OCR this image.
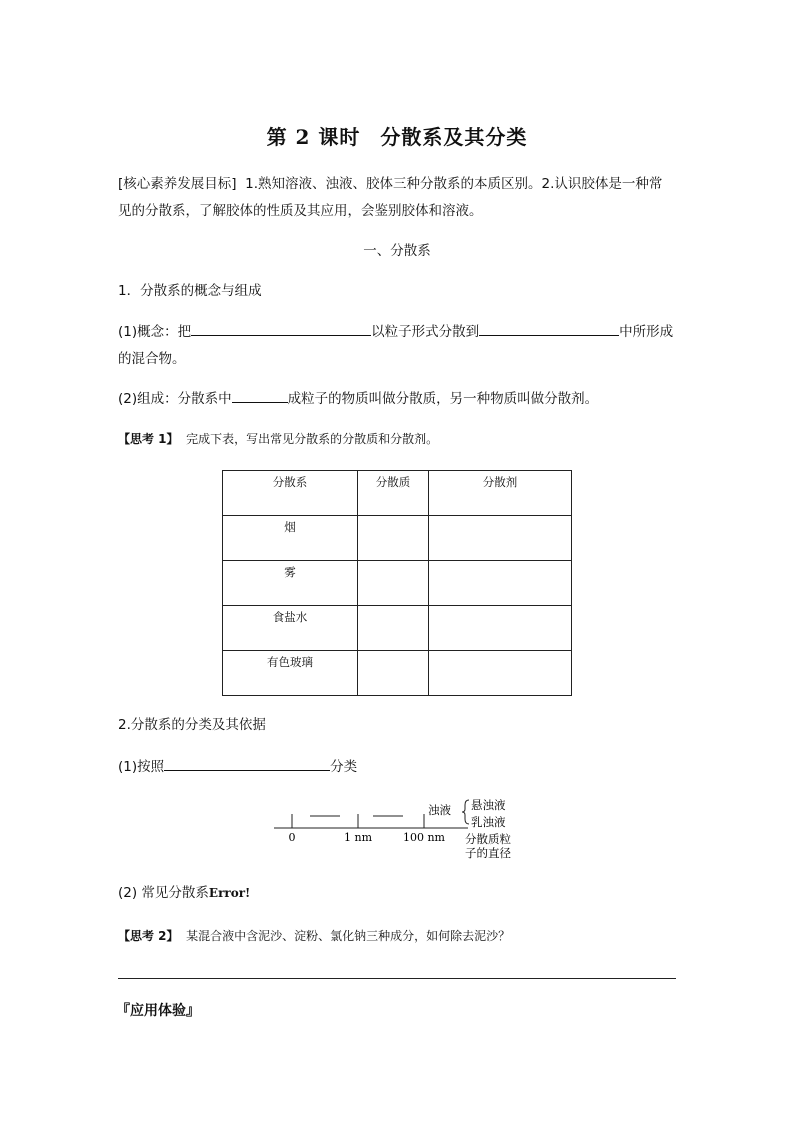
第 2 课时 分散系及其分类
[核心素养发展目标] 1.熟知溶液、浊液、胶体三种分散系的本质区别。2.认识胶体是一种常
见的分散系，了解胶体的性质及其应用，会鉴别胶体和溶液。
一、分散系
1．分散系的概念与组成
(1)概念：把	以粒子形式分散到	中所形成
的混合物。
(2)组成：分散系中	成粒子的物质叫做分散质，另一种物质叫做分散剂。
【思考 1】 完成下表，写出常见分散系的分散质和分散剂。
分散系	分散质	分散剂
烟		
雾		
食盐水		
有色玻璃		
2.分散系的分类及其依据
(1)按照	分类
0	1 nm	100 nm
浊液 悬浊液
乳浊液
分散质粒
子的直径
(2) 常见分散系Error!
【思考 2】 某混合液中含泥沙、淀粉、氯化钠三种成分，如何除去泥沙？
『应用体验』
